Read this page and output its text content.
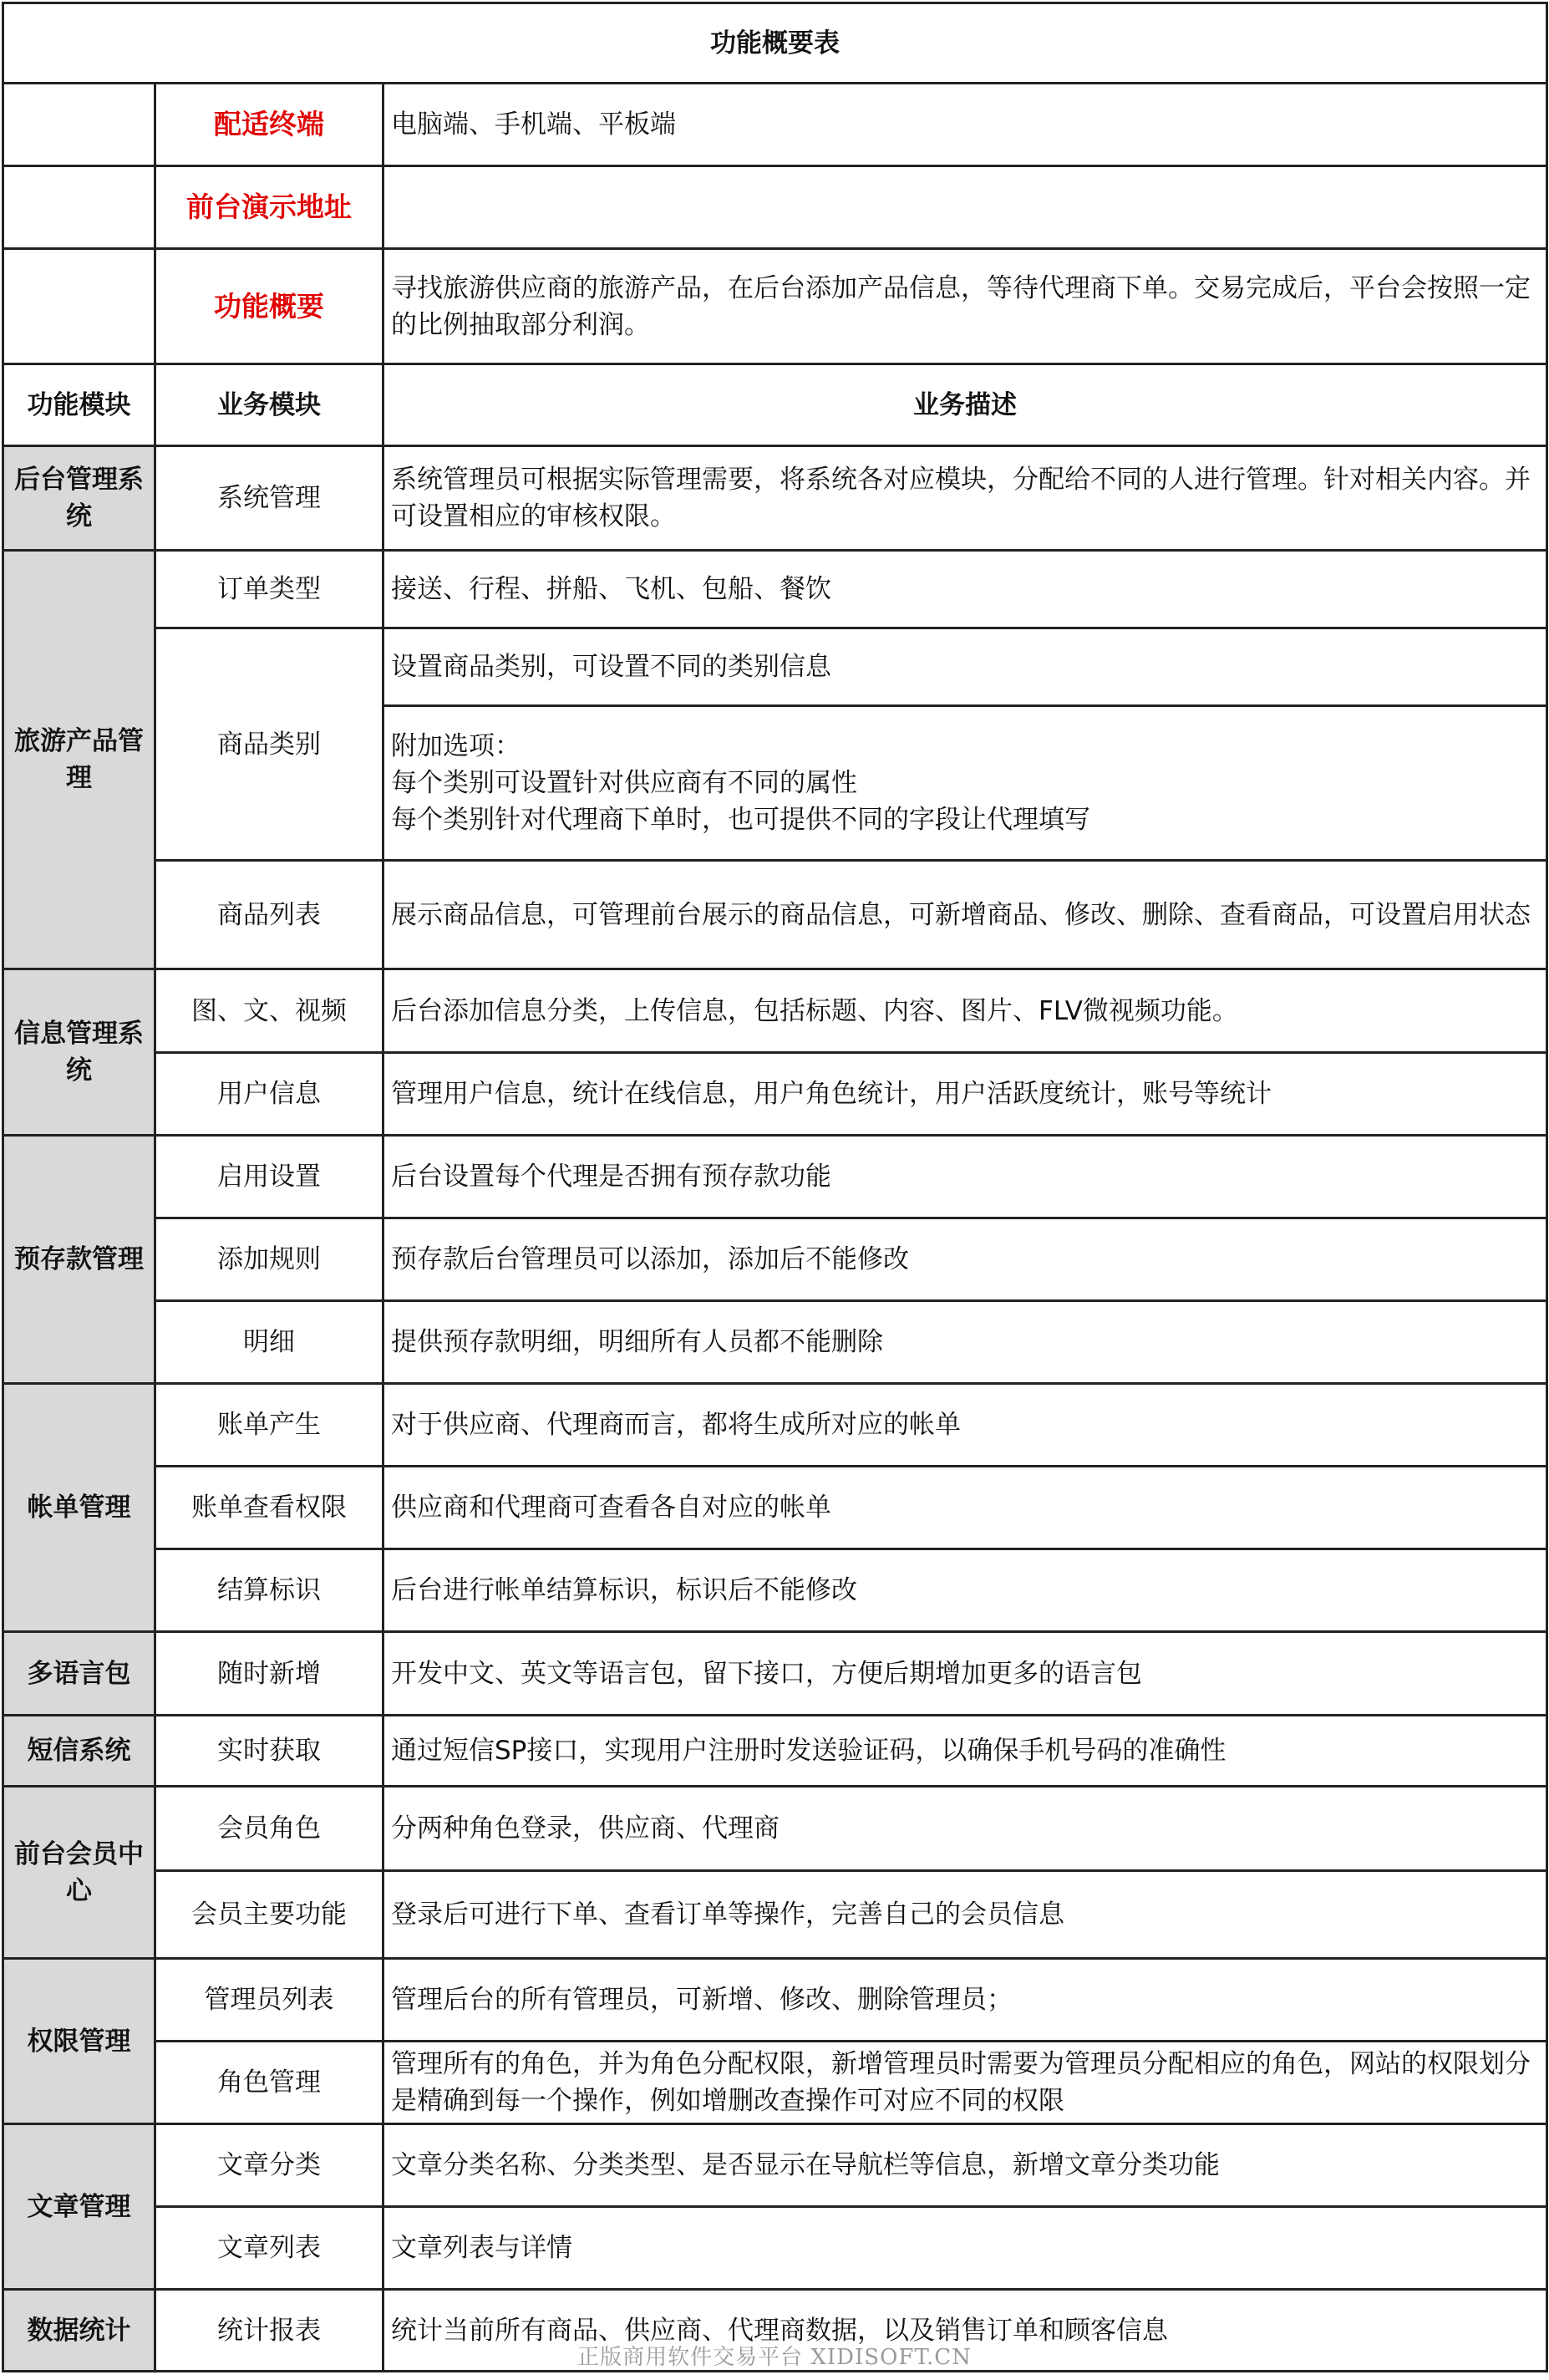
功能概要表		
	配适终端	电脑端、手机端、平板端
	前台演示地址	
	功能概要	寻找旅游供应商的旅游产品，在后台添加产品信息，等待代理商下单。交易完成后，平台会按照一定的比例抽取部分利润。
功能模块	业务模块	业务描述
后台管理系统	系统管理	系统管理员可根据实际管理需要，将系统各对应模块，分配给不同的人进行管理。针对相关内容。并可设置相应的审核权限。
旅游产品管理	订单类型	接送、行程、拼船、飞机、包船、餐饮
	商品类别	设置商品类别，可设置不同的类别信息
		附加选项：
每个类别可设置针对供应商有不同的属性
每个类别针对代理商下单时，也可提供不同的字段让代理填写
	商品列表	展示商品信息，可管理前台展示的商品信息，可新增商品、修改、删除、查看商品，可设置启用状态
信息管理系统	图、文、视频	后台添加信息分类，上传信息，包括标题、内容、图片、FLV微视频功能。
	用户信息	管理用户信息，统计在线信息，用户角色统计，用户活跃度统计，账号等统计
预存款管理	启用设置	后台设置每个代理是否拥有预存款功能
	添加规则	预存款后台管理员可以添加，添加后不能修改
	明细	提供预存款明细，明细所有人员都不能删除
帐单管理	账单产生	对于供应商、代理商而言，都将生成所对应的帐单
	账单查看权限	供应商和代理商可查看各自对应的帐单
	结算标识	后台进行帐单结算标识，标识后不能修改
多语言包	随时新增	开发中文、英文等语言包，留下接口，方便后期增加更多的语言包
短信系统	实时获取	通过短信SP接口，实现用户注册时发送验证码，以确保手机号码的准确性
前台会员中心	会员角色	分两种角色登录，供应商、代理商
	会员主要功能	登录后可进行下单、查看订单等操作，完善自己的会员信息
权限管理	管理员列表	管理后台的所有管理员，可新增、修改、删除管理员；
	角色管理	管理所有的角色，并为角色分配权限，新增管理员时需要为管理员分配相应的角色，网站的权限划分是精确到每一个操作，例如增删改查操作可对应不同的权限
文章管理	文章分类	文章分类名称、分类类型、是否显示在导航栏等信息，新增文章分类功能
	文章列表	文章列表与详情
数据统计	统计报表	统计当前所有商品、供应商、代理商数据，以及销售订单和顾客信息
正版商用软件交易平台 XIDISOFT.CN
